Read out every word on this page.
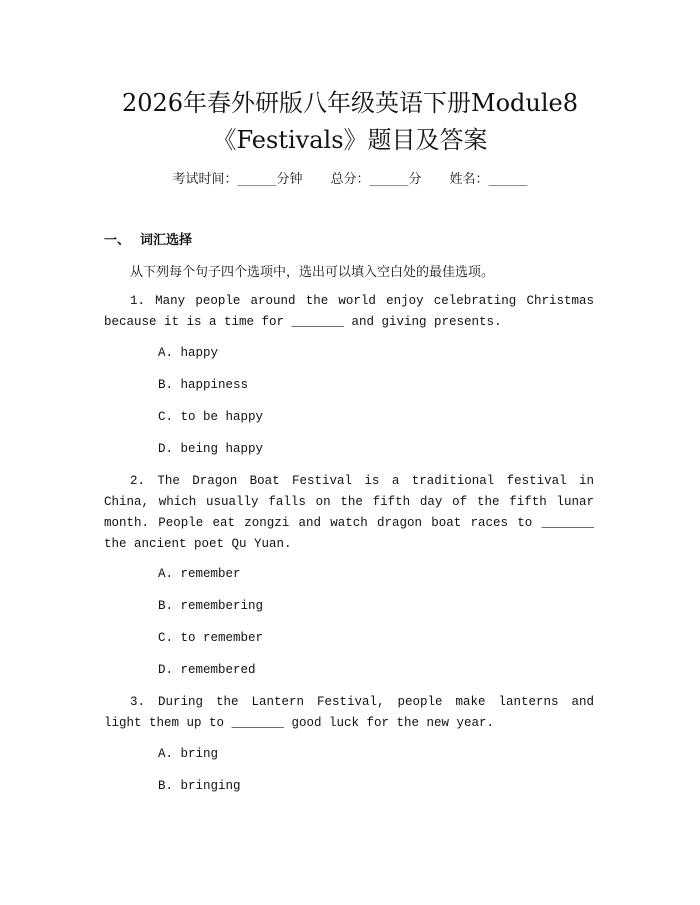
2026年春外研版八年级英语下册Module8
《Festivals》题目及答案
考试时间：______分钟 总分：______分 姓名：______
一、 词汇选择
从下列每个句子四个选项中，选出可以填入空白处的最佳选项。

1. Many people around the world enjoy celebrating Christmas because it is a time for _______ and giving presents.

A. happy
B. happiness
C. to be happy
D. being happy

2. The Dragon Boat Festival is a traditional festival in China, which usually falls on the fifth day of the fifth lunar month. People eat zongzi and watch dragon boat races to _______ the ancient poet Qu Yuan.

A. remember
B. remembering
C. to remember
D. remembered

3. During the Lantern Festival, people make lanterns and light them up to _______ good luck for the new year.

A. bring
B. bringing
